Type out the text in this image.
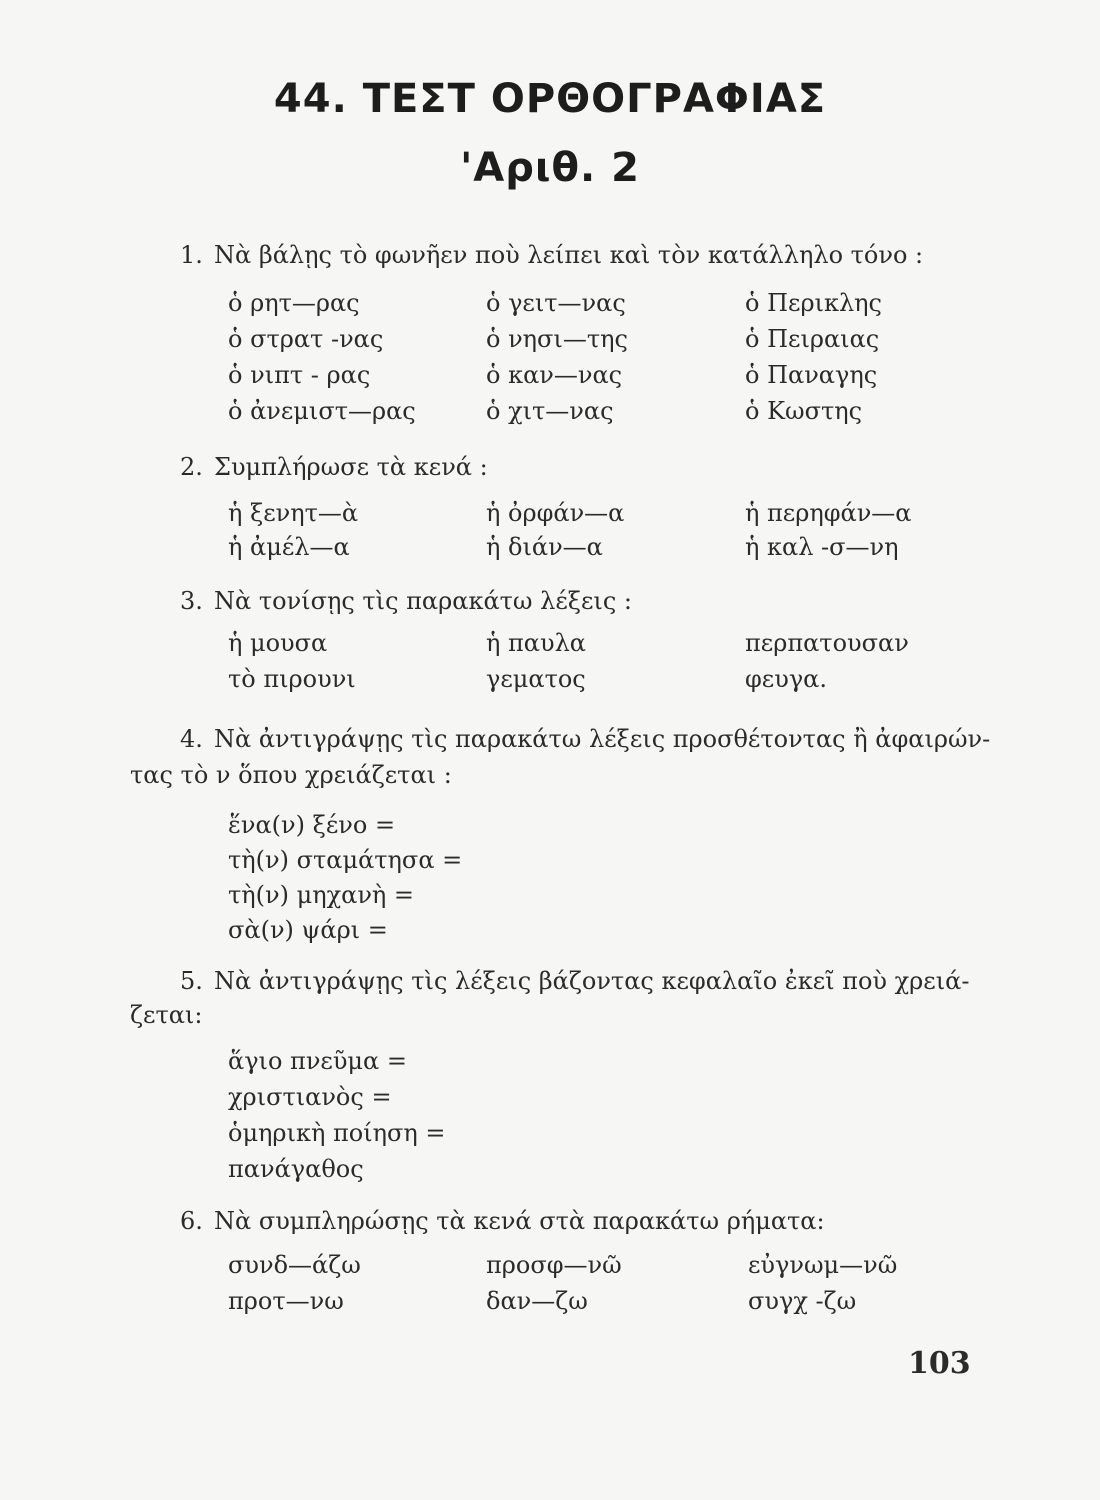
44. ΤΕΣΤ ΟΡΘΟΓΡΑΦΙΑΣ
'Αριθ. 2
1. Νὰ βάλῃς τὸ φωνῆεν ποὺ λείπει καὶ τὸν κατάλληλο τόνο :
ὁ ρητ—ρας	ὁ γειτ—νας	ὁ Περικλης
ὁ στρατ -νας	ὁ νησι—της	ὁ Πειραιας
ὁ νιπτ - ρας	ὁ καν—νας	ὁ Παναγης
ὁ ἀνεμιστ—ρας	ὁ χιτ—νας	ὁ Κωστης
2. Συμπλήρωσε τὰ κενά :
ἡ ξενητ—ὰ	ἡ ὀρφάν—α	ἡ περηφάν—α
ἡ ἀμέλ—α	ἡ διάν—α	ἡ καλ -σ—νη
3. Νὰ τονίσῃς τὶς παρακάτω λέξεις :
ἡ μουσα	ἡ παυλα	περπατουσαν
τὸ πιρουνι	γεματος	φευγα.
4. Νὰ ἀντιγράψῃς τὶς παρακάτω λέξεις προσθέτοντας ἢ ἀφαιρών-
τας τὸ ν ὅπου χρειάζεται :
ἕνα(ν) ξένο =
τὴ(ν) σταμάτησα =
τὴ(ν) μηχανὴ =
σὰ(ν) ψάρι =
5. Νὰ ἀντιγράψῃς τὶς λέξεις βάζοντας κεφαλαῖο ἐκεῖ ποὺ χρειά-
ζεται:
ἅγιο πνεῦμα =
χριστιανὸς =
ὁμηρικὴ ποίηση =
πανάγαθος
6. Νὰ συμπληρώσῃς τὰ κενά στὰ παρακάτω ρήματα:
συνδ—άζω	προσφ—νῶ	εὐγνωμ—νῶ
προτ—νω	δαν—ζω	συγχ -ζω
103
